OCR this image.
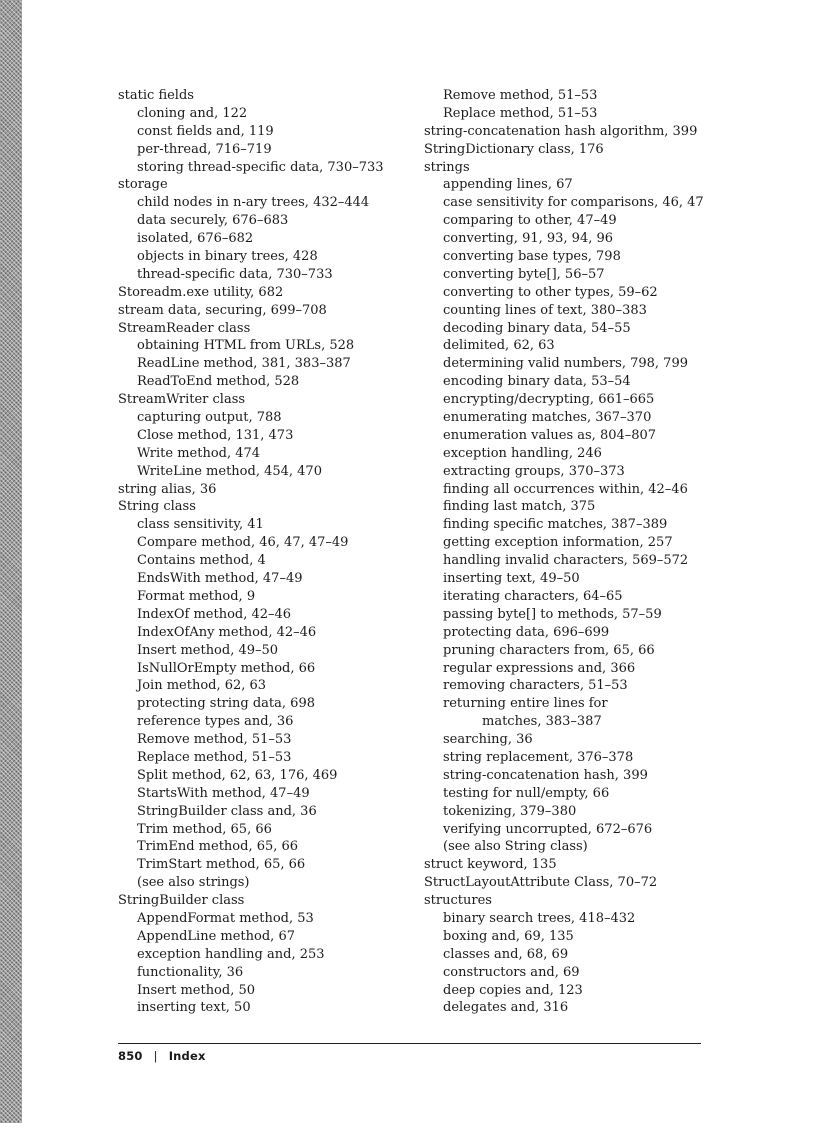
static fields
cloning and, 122
const fields and, 119
per-thread, 716–719
storing thread-specific data, 730–733
storage
child nodes in n-ary trees, 432–444
data securely, 676–683
isolated, 676–682
objects in binary trees, 428
thread-specific data, 730–733
Storeadm.exe utility, 682
stream data, securing, 699–708
StreamReader class
obtaining HTML from URLs, 528
ReadLine method, 381, 383–387
ReadToEnd method, 528
StreamWriter class
capturing output, 788
Close method, 131, 473
Write method, 474
WriteLine method, 454, 470
string alias, 36
String class
class sensitivity, 41
Compare method, 46, 47, 47–49
Contains method, 4
EndsWith method, 47–49
Format method, 9
IndexOf method, 42–46
IndexOfAny method, 42–46
Insert method, 49–50
IsNullOrEmpty method, 66
Join method, 62, 63
protecting string data, 698
reference types and, 36
Remove method, 51–53
Replace method, 51–53
Split method, 62, 63, 176, 469
StartsWith method, 47–49
StringBuilder class and, 36
Trim method, 65, 66
TrimEnd method, 65, 66
TrimStart method, 65, 66
(see also strings)
StringBuilder class
AppendFormat method, 53
AppendLine method, 67
exception handling and, 253
functionality, 36
Insert method, 50
inserting text, 50
Remove method, 51–53
Replace method, 51–53
string-concatenation hash algorithm, 399
StringDictionary class, 176
strings
appending lines, 67
case sensitivity for comparisons, 46, 47
comparing to other, 47–49
converting, 91, 93, 94, 96
converting base types, 798
converting byte[], 56–57
converting to other types, 59–62
counting lines of text, 380–383
decoding binary data, 54–55
delimited, 62, 63
determining valid numbers, 798, 799
encoding binary data, 53–54
encrypting/decrypting, 661–665
enumerating matches, 367–370
enumeration values as, 804–807
exception handling, 246
extracting groups, 370–373
finding all occurrences within, 42–46
finding last match, 375
finding specific matches, 387–389
getting exception information, 257
handling invalid characters, 569–572
inserting text, 49–50
iterating characters, 64–65
passing byte[] to methods, 57–59
protecting data, 696–699
pruning characters from, 65, 66
regular expressions and, 366
removing characters, 51–53
returning entire lines for
matches, 383–387
searching, 36
string replacement, 376–378
string-concatenation hash, 399
testing for null/empty, 66
tokenizing, 379–380
verifying uncorrupted, 672–676
(see also String class)
struct keyword, 135
StructLayoutAttribute Class, 70–72
structures
binary search trees, 418–432
boxing and, 69, 135
classes and, 68, 69
constructors and, 69
deep copies and, 123
delegates and, 316
850 | Index
